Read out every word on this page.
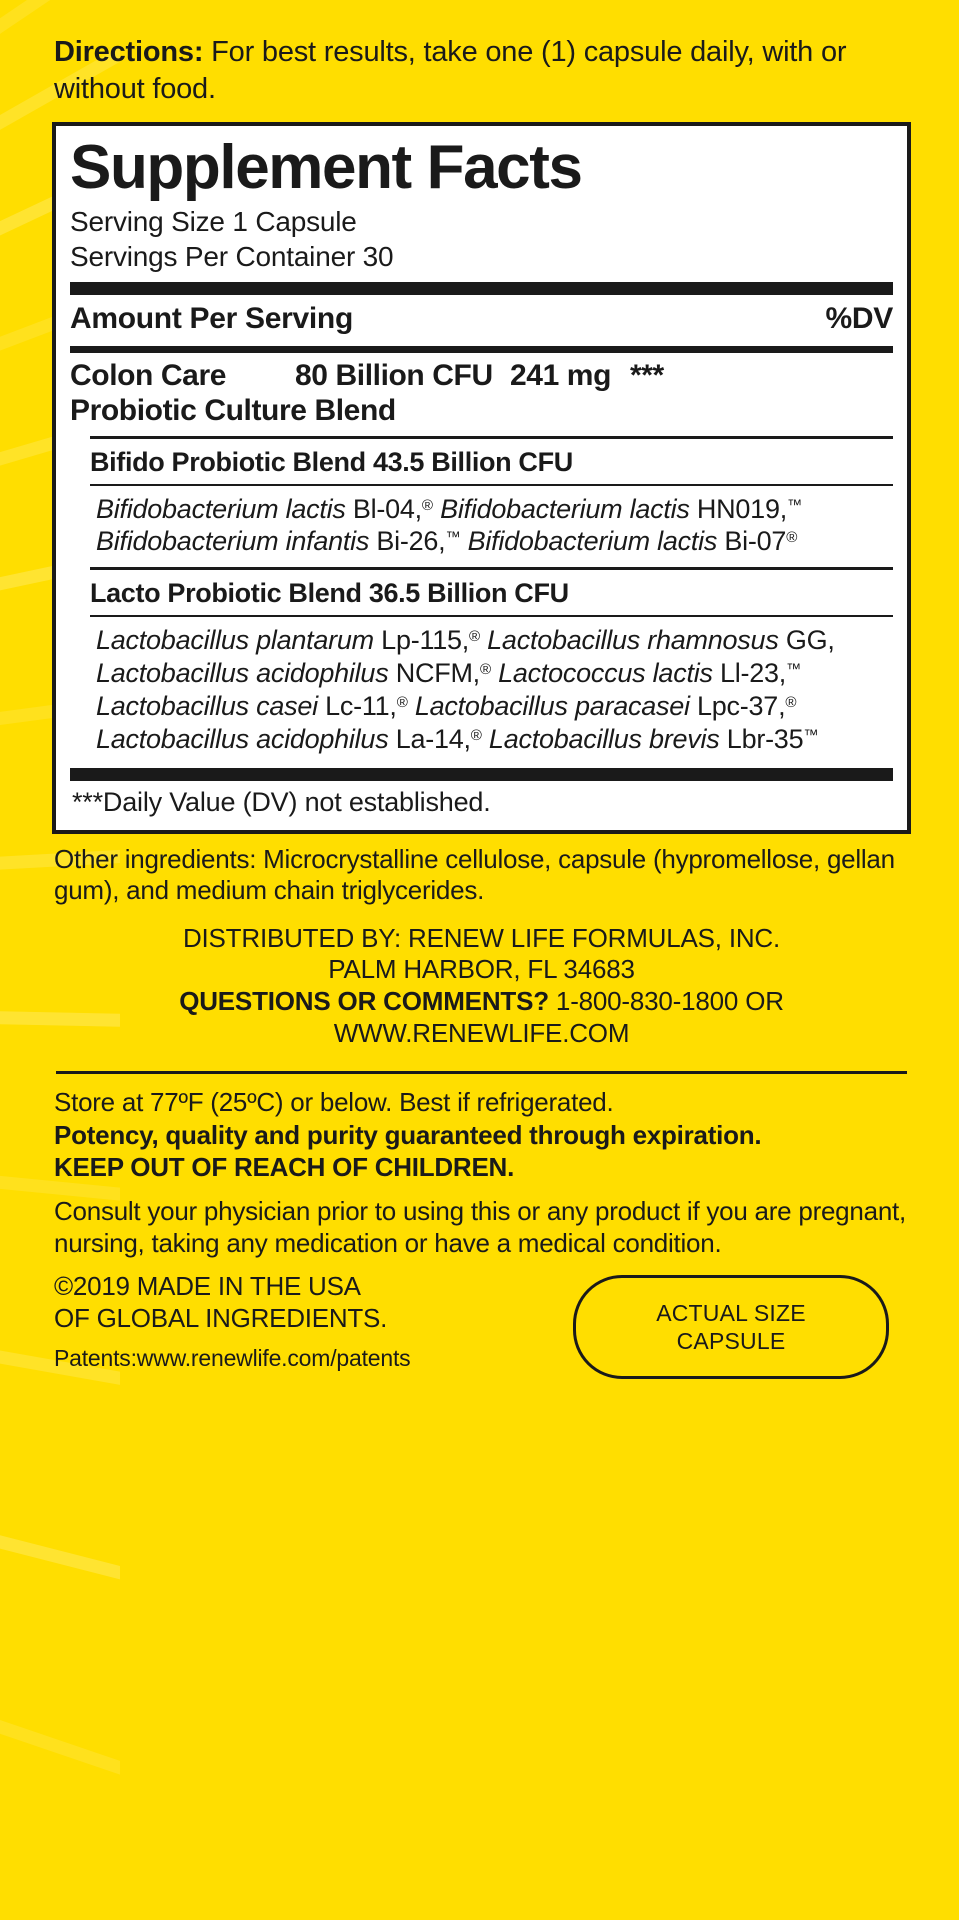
Directions: For best results, take one (1) capsule daily, with or without food.

Supplement Facts
Serving Size 1 Capsule
Servings Per Container 30
Amount Per Serving	%DV
Colon Care	80 Billion CFU 241 mg ***
Probiotic Culture Blend
Bifido Probiotic Blend 43.5 Billion CFU
Bifidobacterium lactis Bl-04,® Bifidobacterium lactis HN019,™ Bifidobacterium infantis Bi-26,™ Bifidobacterium lactis Bi-07®
Lacto Probiotic Blend 36.5 Billion CFU
Lactobacillus plantarum Lp-115,® Lactobacillus rhamnosus GG, Lactobacillus acidophilus NCFM,® Lactococcus lactis Ll-23,™ Lactobacillus casei Lc-11,® Lactobacillus paracasei Lpc-37,® Lactobacillus acidophilus La-14,® Lactobacillus brevis Lbr-35™
***Daily Value (DV) not established.
Other ingredients: Microcrystalline cellulose, capsule (hypromellose, gellan gum), and medium chain triglycerides.
DISTRIBUTED BY: RENEW LIFE FORMULAS, INC.
PALM HARBOR, FL 34683
QUESTIONS OR COMMENTS? 1-800-830-1800 OR
WWW.RENEWLIFE.COM
Store at 77ºF (25ºC) or below. Best if refrigerated.
Potency, quality and purity guaranteed through expiration.
KEEP OUT OF REACH OF CHILDREN.
Consult your physician prior to using this or any product if you are pregnant, nursing, taking any medication or have a medical condition.
©2019 MADE IN THE USA
OF GLOBAL INGREDIENTS.
Patents:www.renewlife.com/patents
ACTUAL SIZE
CAPSULE
